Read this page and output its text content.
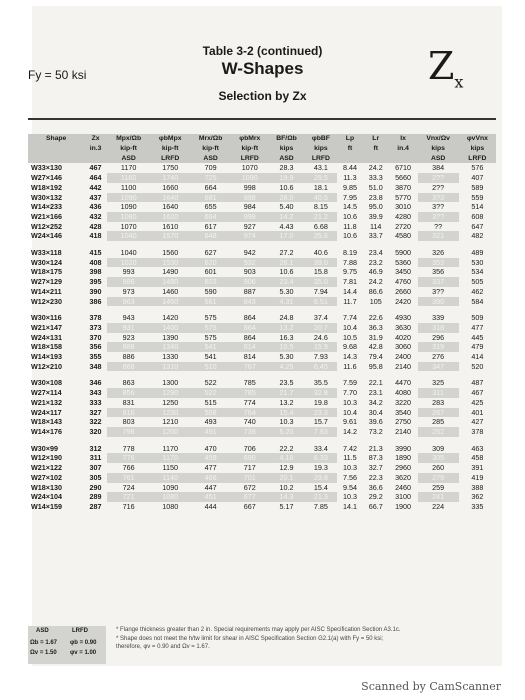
Fy = 50 ksi
Table 3-2 (continued)
W-Shapes
Selection by Zx
$Z_x$
Shape	Zx	Mpx/Ωb	φbMpx	Mrx/Ωb	φbMrx	BF/Ωb	φbBF	Lp	Lr	Ix	Vnx/Ωv	φvVnx
	in.3	kip-ft	kip-ft	kip-ft	kip-ft	kips	kips	ft	ft	in.4	kips	kips
		ASD	LRFD	ASD	LRFD	ASD	LRFD				ASD	LRFD
W33×130	467	1170	1750	709	1070	28.3	43.1	8.44	24.2	6710	384	576
W27×146	464	1160	1740	725	1090	19.9	29.5	11.3	33.3	5660	2??	407
W18×192	442	1100	1660	664	998	10.6	18.1	9.85	51.0	3870	2??	589
W30×132	437	1090	1640	681	998	28.0	40.5	7.95	23.8	5770	3?3	559
W14×233	436	1090	1640	655	984	5.40	8.15	14.5	95.0	3010	3??	514
W21×166	432	1080	1620	664	998	14.2	21.2	10.6	39.9	4280	3??	608
W12×252	428	1070	1610	617	927	4.43	6.68	11.8	114	2720	??	647
W24×146	418	1040	1570	648	974	17.0	25.6	10.6	33.7	4580	321	482

W33×118	415	1040	1560	627	942	27.2	40.6	8.19	23.4	5900	326	489
W30×124	408	1020	1530	620	932	26.1	39.0	7.88	23.2	5360	353	530
W18×175	398	993	1490	601	903	10.6	15.8	9.75	46.9	3450	356	534
W27×129	395	986	1480	603	906	23.4	35.0	7.81	24.2	4760	337	505
W14×211	390	973	1460	590	887	5.30	7.94	14.4	86.6	2660	3??	462
W12×230	386	963	1450	561	843	4.31	6.51	11.7	105	2420	390	584

W30×116	378	943	1420	575	864	24.8	37.4	7.74	22.6	4930	339	509
W21×147	373	931	1400	575	864	13.2	20.7	10.4	36.3	3630	318	477
W24×131	370	923	1390	575	864	16.3	24.6	10.5	31.9	4020	296	445
W18×158	356	888	1340	541	814	10.5	15.9	9.68	42.8	3060	319	479
W14×193	355	886	1330	541	814	5.30	7.93	14.3	79.4	2400	276	414
W12×210	348	868	1310	510	767	4.25	6.45	11.6	95.8	2140	347	520

W30×108	346	863	1300	522	785	23.5	35.5	7.59	22.1	4470	325	487
W27×114	343	856	1290	522	785	21.7	32.8	7.70	23.1	4080	311	467
W21×132	333	831	1250	515	774	13.2	19.8	10.3	34.2	3220	283	425
W24×117	327	816	1230	508	764	15.4	23.3	10.4	30.4	3540	267	401
W18×143	322	803	1210	493	740	10.3	15.7	9.61	39.6	2750	285	427
W14×176	320	798	1200	491	738	5.20	7.83	14.2	73.2	2140	252	378

W30×99	312	778	1170	470	706	22.2	33.4	7.42	21.3	3990	309	463
W12×190	311	776	1170	459	690	4.18	6.33	11.5	87.3	1890	305	458
W21×122	307	766	1150	477	717	12.9	19.3	10.3	32.7	2960	260	391
W27×102	305	761	1140	466	701	20.1	29.8	7.56	22.3	3620	279	419
W18×130	290	724	1090	447	672	10.2	15.4	9.54	36.6	2460	259	388
W24×104	289	721	1080	451	677	14.3	21.3	10.3	29.2	3100	241	362
W14×159	287	716	1080	444	667	5.17	7.85	14.1	66.7	1900	224	335
ASD	LRFD
Ωb = 1.67 φb = 0.90
Ωv = 1.50 φv = 1.00
* Flange thickness greater than 2 in. Special requirements may apply per AISC Specification Section A3.1c.
* Shape does not meet the h/tw limit for shear in AISC Specification Section G2.1(a) with Fy = 50 ksi;
therefore, φv = 0.90 and Ωv = 1.67.
Scanned by CamScanner
